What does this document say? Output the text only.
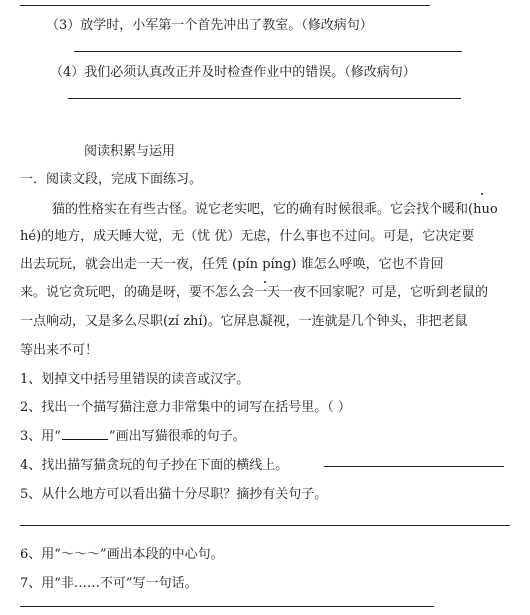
（3）放学时，小军第一个首先冲出了教室。（修改病句）
（4）我们必须认真改正并及时检查作业中的错误。（修改病句）
阅读积累与运用
一．阅读文段，完成下面练习。
猫的性格实在有些古怪。说它老实吧，它的确有时候很乖。它会找个暖和(huo
hé)的地方，成天睡大觉，无（忧 优）无虑，什么事也不过问。可是，它决定要
出去玩玩，就会出走一天一夜，任凭 (pín píng) 谁怎么呼唤，它也不肯回
来。说它贪玩吧，的确是呀，要不怎么会一天一夜不回家呢？可是，它听到老鼠的
一点响动，又是多么尽职(zí zhí)。它屏息凝视，一连就是几个钟头，非把老鼠
等出来不可！
1、划掉文中括号里错误的读音或汉字。
2、找出一个描写猫注意力非常集中的词写在括号里。（ ）
3、用“	”画出写猫很乖的句子。
4、找出描写猫贪玩的句子抄在下面的横线上。
5、从什么地方可以看出猫十分尽职？摘抄有关句子。
6、用“～～～”画出本段的中心句。
7、用“非……不可”写一句话。
